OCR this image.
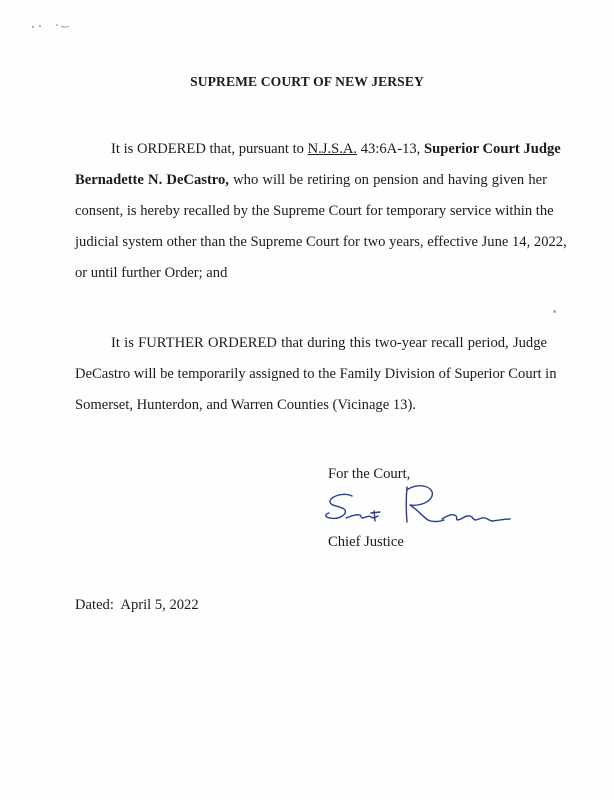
SUPREME COURT OF NEW JERSEY
It is ORDERED that, pursuant to N.J.S.A. 43:6A-13, Superior Court Judge
Bernadette N. DeCastro, who will be retiring on pension and having given her
consent, is hereby recalled by the Supreme Court for temporary service within the
judicial system other than the Supreme Court for two years, effective June 14, 2022,
or until further Order; and
It is FURTHER ORDERED that during this two-year recall period, Judge
DeCastro will be temporarily assigned to the Family Division of Superior Court in
Somerset, Hunterdon, and Warren Counties (Vicinage 13).
For the Court,
Chief Justice
Dated: April 5, 2022
